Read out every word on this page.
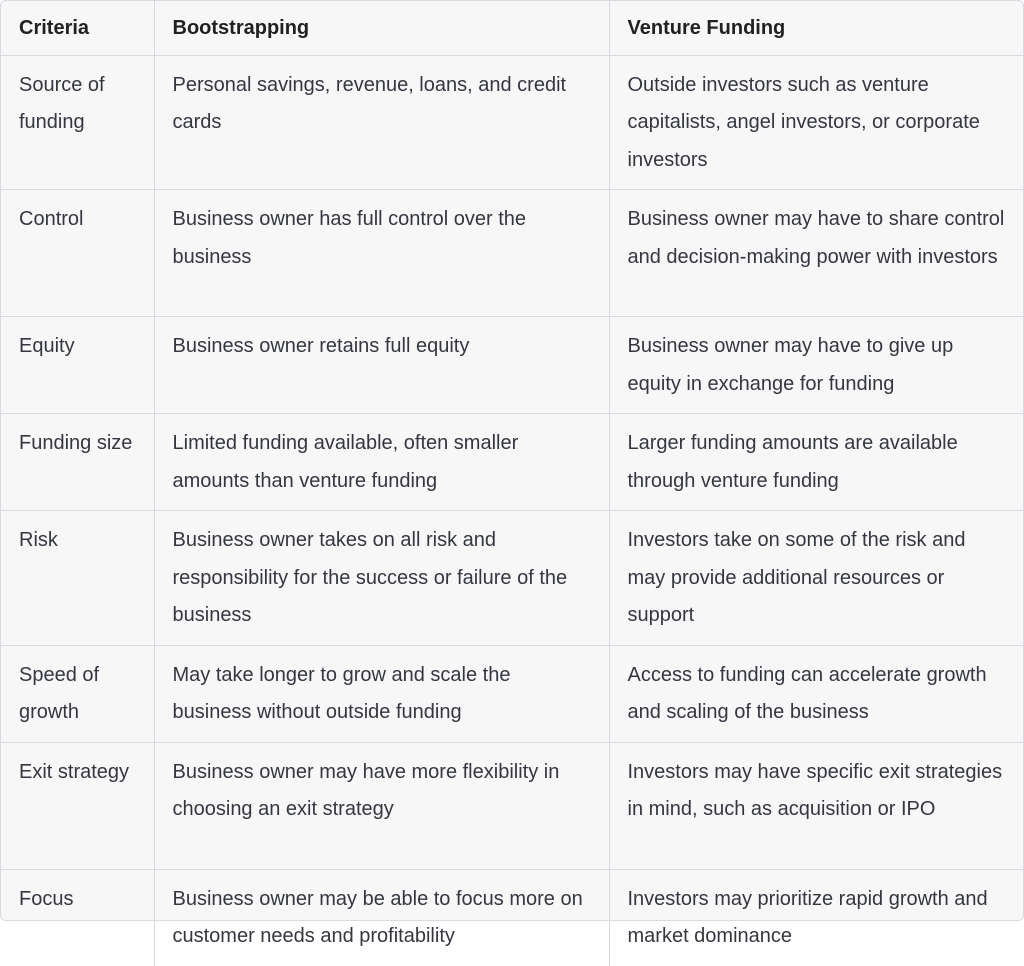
Criteria	Bootstrapping	Venture Funding
Source of funding	Personal savings, revenue, loans, and credit cards	Outside investors such as venture capitalists, angel investors, or corporate investors
Control	Business owner has full control over the business	Business owner may have to share control and decision-making power with investors
Equity	Business owner retains full equity	Business owner may have to give up equity in exchange for funding
Funding size	Limited funding available, often smaller amounts than venture funding	Larger funding amounts are available through venture funding
Risk	Business owner takes on all risk and responsibility for the success or failure of the business	Investors take on some of the risk and may provide additional resources or support
Speed of growth	May take longer to grow and scale the business without outside funding	Access to funding can accelerate growth and scaling of the business
Exit strategy	Business owner may have more flexibility in choosing an exit strategy	Investors may have specific exit strategies in mind, such as acquisition or IPO
Focus	Business owner may be able to focus more on customer needs and profitability	Investors may prioritize rapid growth and market dominance
